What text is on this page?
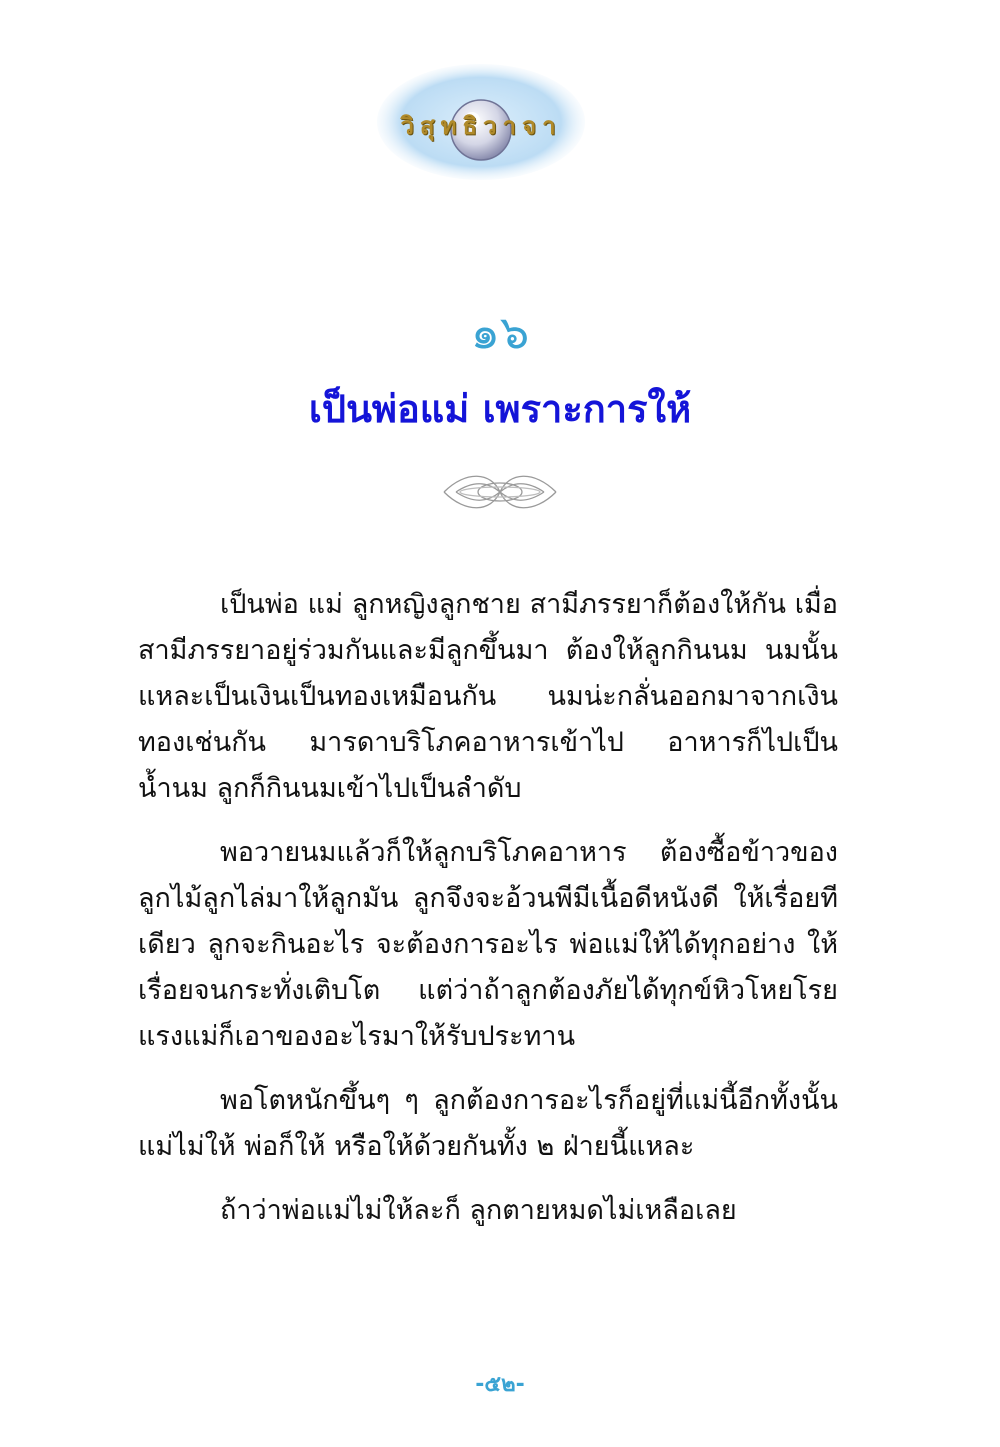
วิสุทธิวาจา
๑๖
เป็นพ่อแม่ เพราะการให้

เป็นพ่อ แม่ ลูกหญิงลูกชาย สามีภรรยาก็ต้องให้กัน เมื่อสามีภรรยาอยู่ร่วมกันและมีลูกขึ้นมา ต้องให้ลูกกินนม นมนั้นแหละเป็นเงินเป็นทองเหมือนกัน นมน่ะกลั่นออกมาจากเงินทองเช่นกัน มารดาบริโภคอาหารเข้าไป อาหารก็ไปเป็นน้ำนม ลูกก็กินนมเข้าไปเป็นลำดับ

พอวายนมแล้วก็ให้ลูกบริโภคอาหาร ต้องซื้อข้าวของลูกไม้ลูกไล่มาให้ลูกมัน ลูกจึงจะอ้วนพีมีเนื้อดีหนังดี ให้เรื่อยทีเดียว ลูกจะกินอะไร จะต้องการอะไร พ่อแม่ให้ได้ทุกอย่าง ให้เรื่อยจนกระทั่งเติบโต แต่ว่าถ้าลูกต้องภัยได้ทุกข์หิวโหยโรยแรงแม่ก็เอาของอะไรมาให้รับประทาน

พอโตหนักขึ้นๆ ๆ ลูกต้องการอะไรก็อยู่ที่แม่นี้อีกทั้งนั้นแม่ไม่ให้ พ่อก็ให้ หรือให้ด้วยกันทั้ง ๒ ฝ่ายนี้แหละ

ถ้าว่าพ่อแม่ไม่ให้ละก็ ลูกตายหมดไม่เหลือเลย

-๕๒-
